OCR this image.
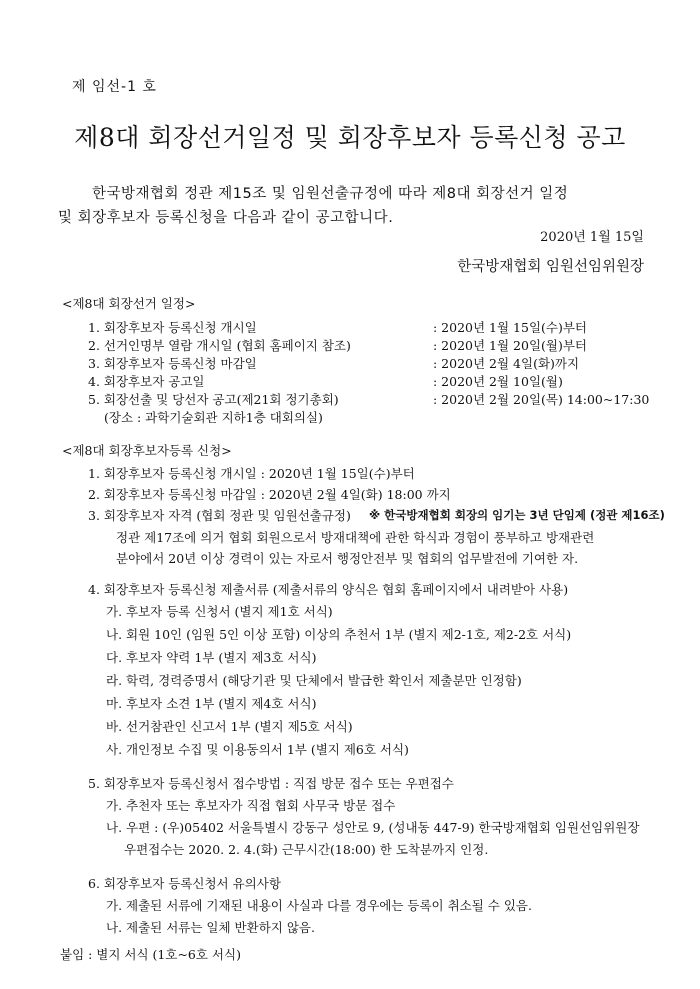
제 임선-1 호
제8대 회장선거일정 및 회장후보자 등록신청 공고
한국방재협회 정관 제15조 및 임원선출규정에 따라 제8대 회장선거 일정
및 회장후보자 등록신청을 다음과 같이 공고합니다.
2020년 1월 15일
한국방재협회 임원선임위원장
<제8대 회장선거 일정>
1. 회장후보자 등록신청 개시일	: 2020년 1월 15일(수)부터
2. 선거인명부 열람 개시일 (협회 홈페이지 참조)	: 2020년 1월 20일(월)부터
3. 회장후보자 등록신청 마감일	: 2020년 2월 4일(화)까지
4. 회장후보자 공고일	: 2020년 2월 10일(월)
5. 회장선출 및 당선자 공고(제21회 정기총회)	: 2020년 2월 20일(목) 14:00~17:30
(장소 : 과학기술회관 지하1층 대회의실)
<제8대 회장후보자등록 신청>
1. 회장후보자 등록신청 개시일 : 2020년 1월 15일(수)부터
2. 회장후보자 등록신청 마감일 : 2020년 2월 4일(화) 18:00 까지
3. 회장후보자 자격 (협회 정관 및 임원선출규정) ※ 한국방재협회 회장의 임기는 3년 단임제 (정관 제16조)
정관 제17조에 의거 협회 회원으로서 방재대책에 관한 학식과 경험이 풍부하고 방재관련
분야에서 20년 이상 경력이 있는 자로서 행정안전부 및 협회의 업무발전에 기여한 자.
4. 회장후보자 등록신청 제출서류 (제출서류의 양식은 협회 홈페이지에서 내려받아 사용)
가. 후보자 등록 신청서 (별지 제1호 서식)
나. 회원 10인 (임원 5인 이상 포함) 이상의 추천서 1부 (별지 제2-1호, 제2-2호 서식)
다. 후보자 약력 1부 (별지 제3호 서식)
라. 학력, 경력증명서 (해당기관 및 단체에서 발급한 확인서 제출분만 인정함)
마. 후보자 소견 1부 (별지 제4호 서식)
바. 선거참관인 신고서 1부 (별지 제5호 서식)
사. 개인정보 수집 및 이용동의서 1부 (별지 제6호 서식)
5. 회장후보자 등록신청서 접수방법 : 직접 방문 접수 또는 우편접수
가. 추천자 또는 후보자가 직접 협회 사무국 방문 접수
나. 우편 : (우)05402 서울특별시 강동구 성안로 9, (성내동 447-9) 한국방재협회 임원선임위원장
우편접수는 2020. 2. 4.(화) 근무시간(18:00) 한 도착분까지 인정.
6. 회장후보자 등록신청서 유의사항
가. 제출된 서류에 기재된 내용이 사실과 다를 경우에는 등록이 취소될 수 있음.
나. 제출된 서류는 일체 반환하지 않음.
붙임 : 별지 서식 (1호~6호 서식)
